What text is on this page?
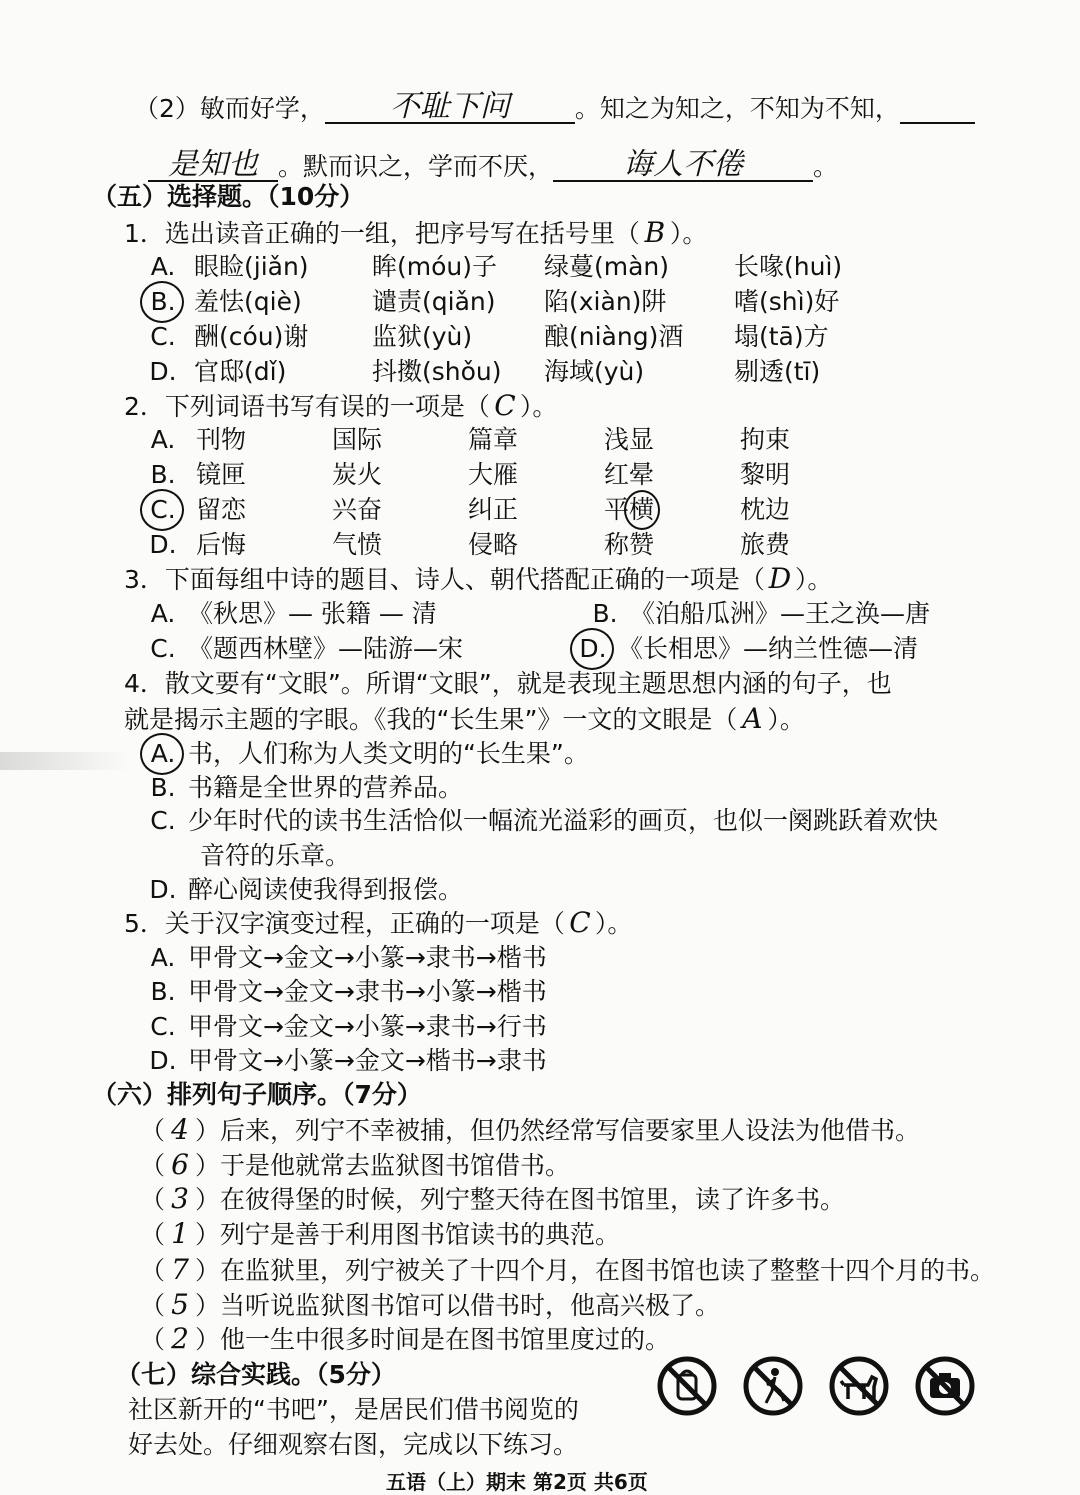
（2）敏而好学， 不耻下问	。知之为知之，不知为不知，
是知也 。默而识之，学而不厌， 诲人不倦	。
（五）选择题。（10分）
1．选出读音正确的一组，把序号写在括号里（ B ）。
A. 眼睑(jiǎn)	眸(móu)子 绿蔓(màn)	长喙(huì)
B. 羞怯(qiè)	谴责(qiǎn) 陷(xiàn)阱	嗜(shì)好
C. 酬(cóu)谢	监狱(yù)	酿(niàng)酒 塌(tā)方
D. 官邸(dǐ)	抖擞(shǒu) 海域(yù)	剔透(tī)
2．下列词语书写有误的一项是（ C ）。
A. 刊物	国际	篇章	浅显	拘束
B. 镜匣	炭火	大雁	红晕	黎明
C. 留恋	兴奋	纠正	平横	枕边
D. 后悔	气愤	侵略	称赞	旅费
3．下面每组中诗的题目、诗人、朝代搭配正确的一项是（ D ）。
A. 《秋思》— 张籍 — 清	B. 《泊船瓜洲》—王之涣—唐
C. 《题西林壁》—陆游—宋	D. 《长相思》—纳兰性德—清
4．散文要有“文眼”。所谓“文眼”，就是表现主题思想内涵的句子，也
就是揭示主题的字眼。《我的“长生果”》一文的文眼是（ A ）。
A. 书，人们称为人类文明的“长生果”。
B. 书籍是全世界的营养品。
C. 少年时代的读书生活恰似一幅流光溢彩的画页，也似一阕跳跃着欢快
音符的乐章。
D. 醉心阅读使我得到报偿。
5．关于汉字演变过程，正确的一项是（ C ）。
A. 甲骨文→金文→小篆→隶书→楷书
B. 甲骨文→金文→隶书→小篆→楷书
C. 甲骨文→金文→小篆→隶书→行书
D. 甲骨文→小篆→金文→楷书→隶书
（六）排列句子顺序。（7分）
（ 4 ）后来，列宁不幸被捕，但仍然经常写信要家里人设法为他借书。
（ 6 ）于是他就常去监狱图书馆借书。
（ 3 ）在彼得堡的时候，列宁整天待在图书馆里，读了许多书。
（ 1 ）列宁是善于利用图书馆读书的典范。
（ 7 ）在监狱里，列宁被关了十四个月，在图书馆也读了整整十四个月的书。
（ 5 ）当听说监狱图书馆可以借书时，他高兴极了。
（ 2 ）他一生中很多时间是在图书馆里度过的。
（七）综合实践。（5分）
社区新开的“书吧”，是居民们借书阅览的
好去处。仔细观察右图，完成以下练习。
五语（上）期末 第2页 共6页
